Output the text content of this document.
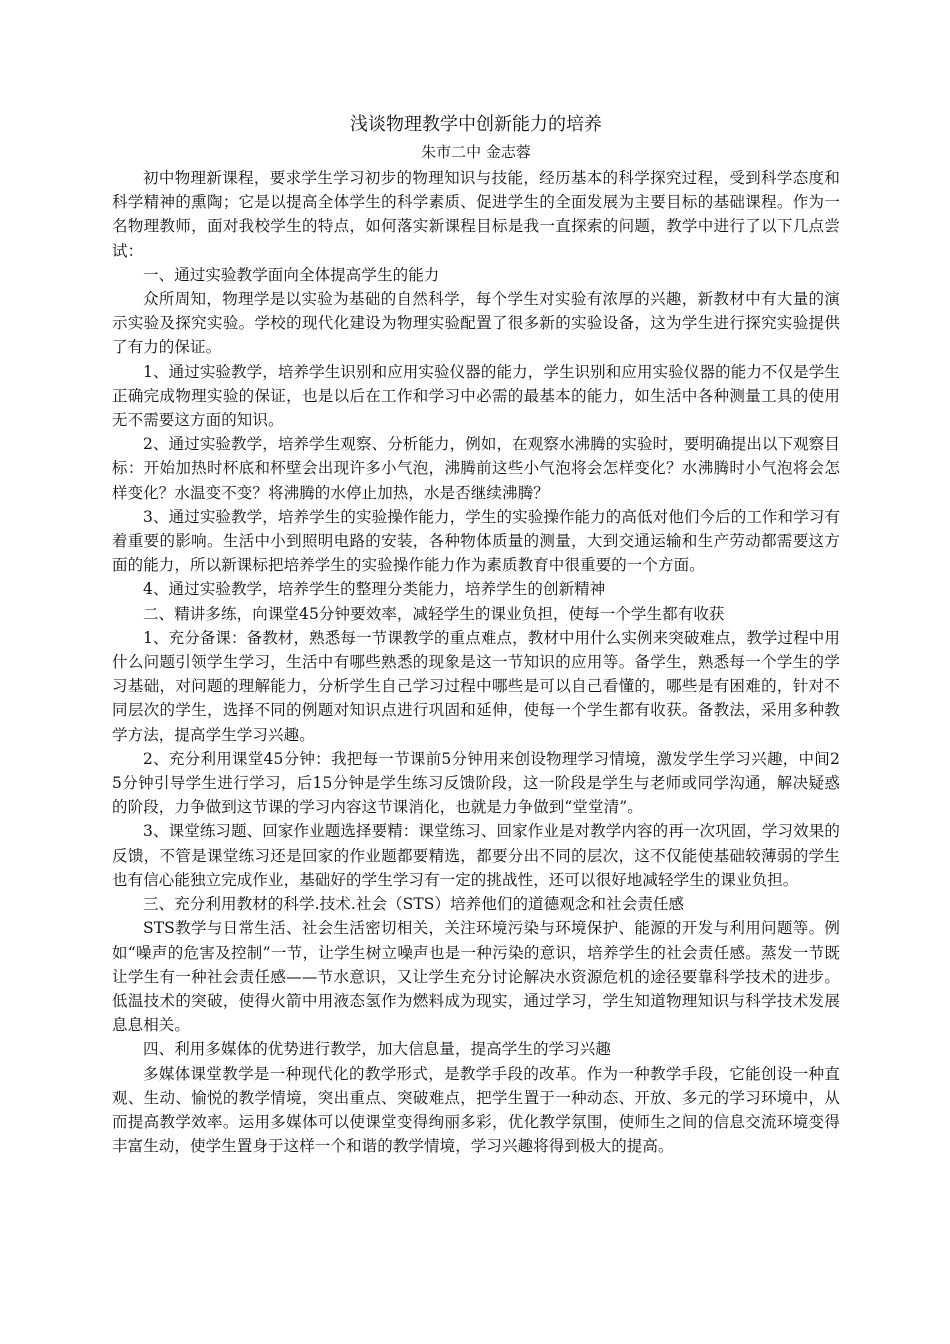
浅谈物理教学中创新能力的培养
朱市二中 金志蓉

初中物理新课程，要求学生学习初步的物理知识与技能，经历基本的科学探究过程，受到科学态度和科学精神的熏陶；它是以提高全体学生的科学素质、促进学生的全面发展为主要目标的基础课程。作为一名物理教师，面对我校学生的特点，如何落实新课程目标是我一直探索的问题，教学中进行了以下几点尝试：

一、通过实验教学面向全体提高学生的能力

众所周知，物理学是以实验为基础的自然科学，每个学生对实验有浓厚的兴趣，新教材中有大量的演示实验及探究实验。学校的现代化建设为物理实验配置了很多新的实验设备，这为学生进行探究实验提供了有力的保证。

1、通过实验教学，培养学生识别和应用实验仪器的能力，学生识别和应用实验仪器的能力不仅是学生正确完成物理实验的保证，也是以后在工作和学习中必需的最基本的能力，如生活中各种测量工具的使用无不需要这方面的知识。

2、通过实验教学，培养学生观察、分析能力，例如，在观察水沸腾的实验时，要明确提出以下观察目标：开始加热时杯底和杯壁会出现许多小气泡，沸腾前这些小气泡将会怎样变化？水沸腾时小气泡将会怎样变化？水温变不变？将沸腾的水停止加热，水是否继续沸腾？

3、通过实验教学，培养学生的实验操作能力，学生的实验操作能力的高低对他们今后的工作和学习有着重要的影响。生活中小到照明电路的安装，各种物体质量的测量，大到交通运输和生产劳动都需要这方面的能力，所以新课标把培养学生的实验操作能力作为素质教育中很重要的一个方面。

4、通过实验教学，培养学生的整理分类能力，培养学生的创新精神

二、精讲多练，向课堂45分钟要效率，减轻学生的课业负担，使每一个学生都有收获

1、充分备课：备教材，熟悉每一节课教学的重点难点，教材中用什么实例来突破难点，教学过程中用什么问题引领学生学习，生活中有哪些熟悉的现象是这一节知识的应用等。备学生，熟悉每一个学生的学习基础，对问题的理解能力，分析学生自己学习过程中哪些是可以自己看懂的，哪些是有困难的，针对不同层次的学生，选择不同的例题对知识点进行巩固和延伸，使每一个学生都有收获。备教法，采用多种教学方法，提高学生学习兴趣。

2、充分利用课堂45分钟：我把每一节课前5分钟用来创设物理学习情境，激发学生学习兴趣，中间25分钟引导学生进行学习，后15分钟是学生练习反馈阶段，这一阶段是学生与老师或同学沟通，解决疑惑的阶段，力争做到这节课的学习内容这节课消化，也就是力争做到“堂堂清”。

3、课堂练习题、回家作业题选择要精：课堂练习、回家作业是对教学内容的再一次巩固，学习效果的反馈，不管是课堂练习还是回家的作业题都要精选，都要分出不同的层次，这不仅能使基础较薄弱的学生也有信心能独立完成作业，基础好的学生学习有一定的挑战性，还可以很好地减轻学生的课业负担。

三、充分利用教材的科学.技术.社会（STS）培养他们的道德观念和社会责任感

STS教学与日常生活、社会生活密切相关，关注环境污染与环境保护、能源的开发与利用问题等。例如“噪声的危害及控制”一节，让学生树立噪声也是一种污染的意识，培养学生的社会责任感。蒸发一节既让学生有一种社会责任感——节水意识，又让学生充分讨论解决水资源危机的途径要靠科学技术的进步。低温技术的突破，使得火箭中用液态氢作为燃料成为现实，通过学习，学生知道物理知识与科学技术发展息息相关。

四、利用多媒体的优势进行教学，加大信息量，提高学生的学习兴趣

多媒体课堂教学是一种现代化的教学形式，是教学手段的改革。作为一种教学手段，它能创设一种直观、生动、愉悦的教学情境，突出重点、突破难点，把学生置于一种动态、开放、多元的学习环境中，从而提高教学效率。运用多媒体可以使课堂变得绚丽多彩，优化教学氛围，使师生之间的信息交流环境变得丰富生动，使学生置身于这样一个和谐的教学情境，学习兴趣将得到极大的提高。
